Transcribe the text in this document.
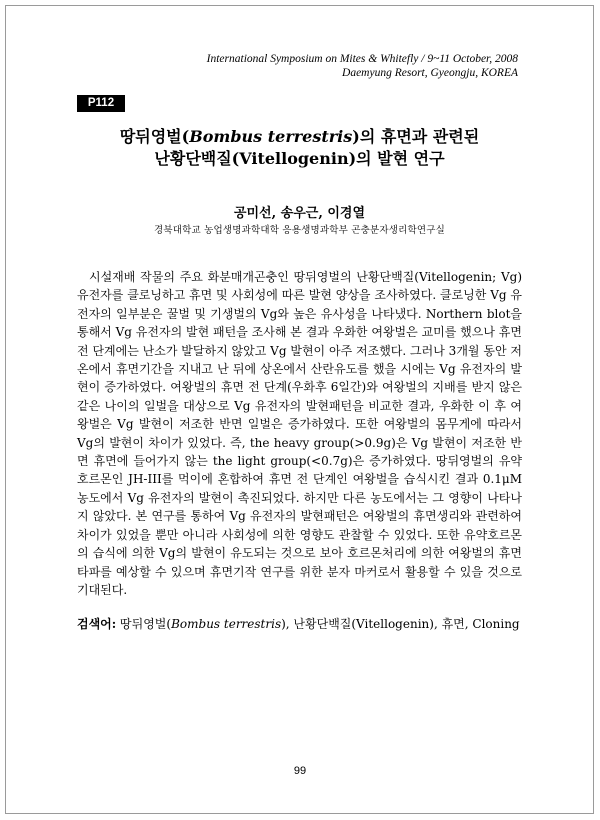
International Symposium on Mites & Whitefly / 9~11 October, 2008
Daemyung Resort, Gyeongju, KOREA
P112
땅뒤영벌(Bombus terrestris)의 휴면과 관련된
난황단백질(Vitellogenin)의 발현 연구
공미선, 송우근, 이경열
경북대학교 농업생명과학대학 응용생명과학부 곤충분자생리학연구실
시설재배 작물의 주요 화분매개곤충인 땅뒤영벌의 난황단백질(Vitellogenin; Vg) 유전자를 클로닝하고 휴면 및 사회성에 따른 발현 양상을 조사하였다. 클로닝한 Vg 유전자의 일부분은 꿀벌 및 기생벌의 Vg와 높은 유사성을 나타냈다. Northern blot을 통해서 Vg 유전자의 발현 패턴을 조사해 본 결과 우화한 여왕벌은 교미를 했으나 휴면 전 단계에는 난소가 발달하지 않았고 Vg 발현이 아주 저조했다. 그러나 3개월 동안 저온에서 휴면기간을 지내고 난 뒤에 상온에서 산란유도를 했을 시에는 Vg 유전자의 발현이 증가하였다. 여왕벌의 휴면 전 단계(우화후 6일간)와 여왕벌의 지배를 받지 않은 같은 나이의 일벌을 대상으로 Vg 유전자의 발현패턴을 비교한 결과, 우화한 이 후 여왕벌은 Vg 발현이 저조한 반면 일벌은 증가하였다. 또한 여왕벌의 몸무게에 따라서 Vg의 발현이 차이가 있었다. 즉, the heavy group(>0.9g)은 Vg 발현이 저조한 반면 휴면에 들어가지 않는 the light group(<0.7g)은 증가하였다. 땅뒤영벌의 유약호르몬인 JH-III를 먹이에 혼합하여 휴면 전 단계인 여왕벌을 습식시킨 결과 0.1μM 농도에서 Vg 유전자의 발현이 촉진되었다. 하지만 다른 농도에서는 그 영향이 나타나지 않았다. 본 연구를 통하여 Vg 유전자의 발현패턴은 여왕벌의 휴면생리와 관련하여 차이가 있었을 뿐만 아니라 사회성에 의한 영향도 관찰할 수 있었다. 또한 유약호르몬의 습식에 의한 Vg의 발현이 유도되는 것으로 보아 호르몬처리에 의한 여왕벌의 휴면타파를 예상할 수 있으며 휴면기작 연구를 위한 분자 마커로서 활용할 수 있을 것으로 기대된다.
검색어: 땅뒤영벌(Bombus terrestris), 난황단백질(Vitellogenin), 휴면, Cloning
99
